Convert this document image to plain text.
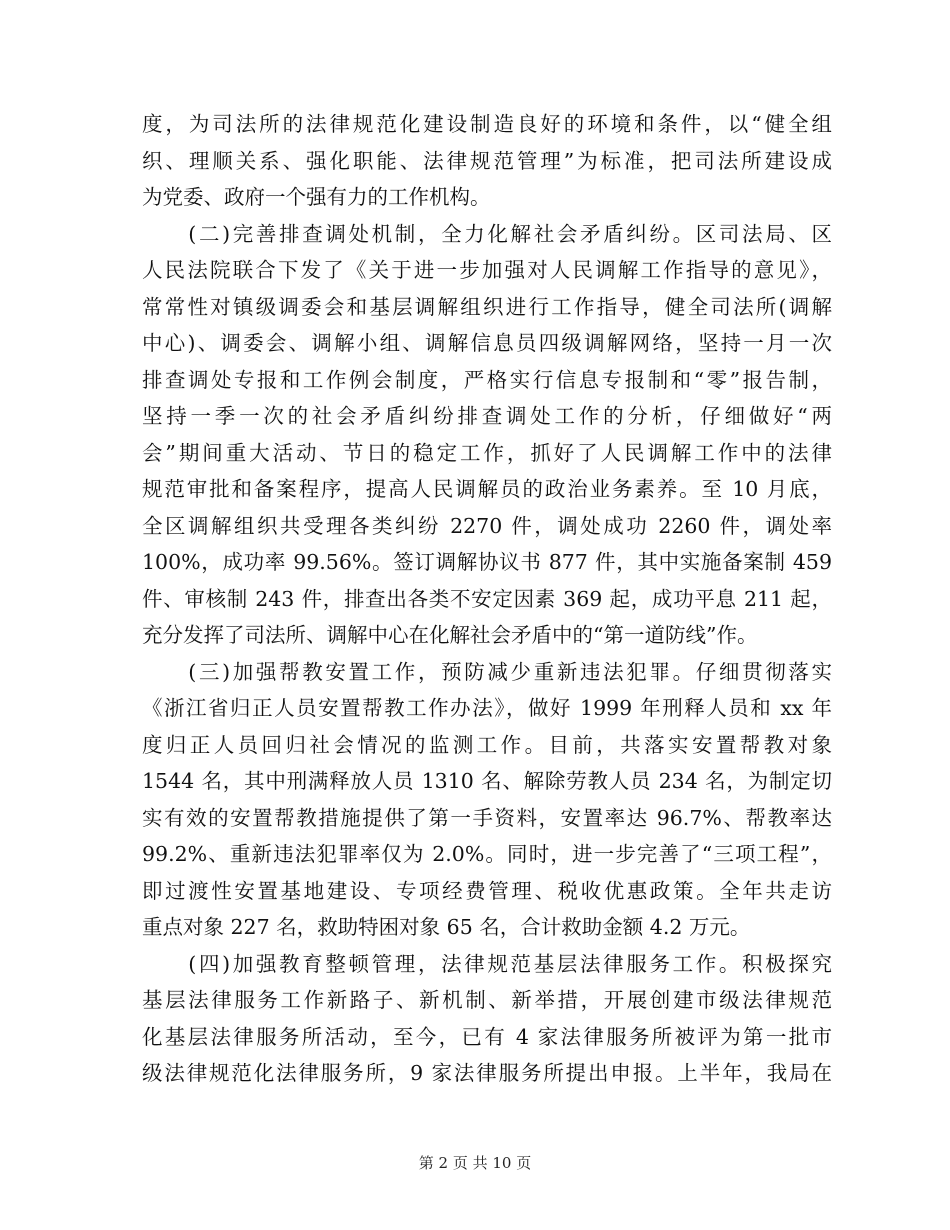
度，为司法所的法律规范化建设制造良好的环境和条件，以“健全组
织、理顺关系、强化职能、法律规范管理”为标准，把司法所建设成
为党委、政府一个强有力的工作机构。
　　(二)完善排查调处机制，全力化解社会矛盾纠纷。区司法局、区
人民法院联合下发了《关于进一步加强对人民调解工作指导的意见》，
常常性对镇级调委会和基层调解组织进行工作指导，健全司法所(调解
中心)、调委会、调解小组、调解信息员四级调解网络，坚持一月一次
排查调处专报和工作例会制度，严格实行信息专报制和“零”报告制，
坚持一季一次的社会矛盾纠纷排查调处工作的分析，仔细做好“两
会”期间重大活动、节日的稳定工作，抓好了人民调解工作中的法律
规范审批和备案程序，提高人民调解员的政治业务素养。至 10 月底，
全区调解组织共受理各类纠纷 2270 件，调处成功 2260 件，调处率
100%，成功率 99.56%。签订调解协议书 877 件，其中实施备案制 459
件、审核制 243 件，排查出各类不安定因素 369 起，成功平息 211 起，
充分发挥了司法所、调解中心在化解社会矛盾中的“第一道防线”作。
　　(三)加强帮教安置工作，预防减少重新违法犯罪。仔细贯彻落实
《浙江省归正人员安置帮教工作办法》，做好 1999 年刑释人员和 xx 年
度归正人员回归社会情况的监测工作。目前，共落实安置帮教对象
1544 名，其中刑满释放人员 1310 名、解除劳教人员 234 名，为制定切
实有效的安置帮教措施提供了第一手资料，安置率达 96.7%、帮教率达
99.2%、重新违法犯罪率仅为 2.0%。同时，进一步完善了“三项工程”，
即过渡性安置基地建设、专项经费管理、税收优惠政策。全年共走访
重点对象 227 名，救助特困对象 65 名，合计救助金额 4.2 万元。
　　(四)加强教育整顿管理，法律规范基层法律服务工作。积极探究
基层法律服务工作新路子、新机制、新举措，开展创建市级法律规范
化基层法律服务所活动，至今，已有 4 家法律服务所被评为第一批市
级法律规范化法律服务所，9 家法律服务所提出申报。上半年，我局在
第 2 页 共 10 页
